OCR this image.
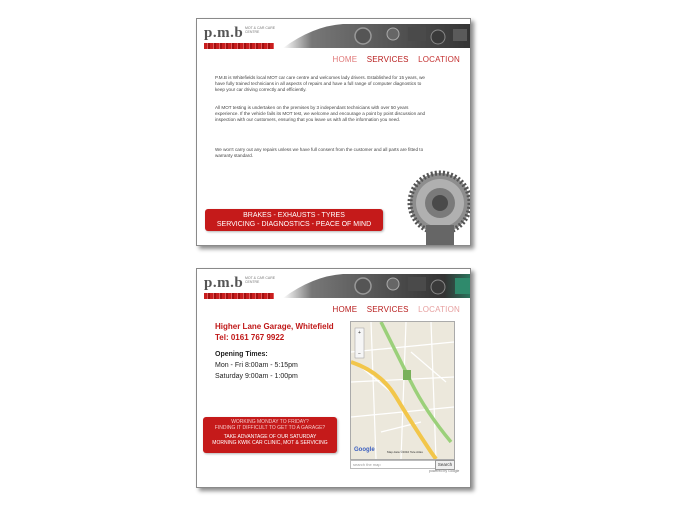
p.m.b MOT & CAR CARE CENTRE
HOME SERVICES LOCATION
P.M.B is Whitefields local MOT car care centre and welcomes lady drivers. Established for 15 years, we have fully trained technicians in all aspects of repairs and have a full range of computer diagnostics to keep your car driving correctly and efficiently.
All MOT testing is undertaken on the premises by 3 independant technicians with over 50 years experience. If the vehicle fails its MOT test, we welcome and encourage a point by point discussion and inspection with our customers, ensuring that you leave us with all the information you need.
We won't carry out any repairs unless we have full consent from the customer and all parts are fitted to warranty standard.
BRAKES - EXHAUSTS - TYRES
SERVICING - DIAGNOSTICS - PEACE OF MIND
p.m.b MOT & CAR CARE CENTRE
HOME SERVICES LOCATION
Higher Lane Garage, Whitefield
Tel: 0161 767 9922
Opening Times:
Mon - Fri 8:00am - 5:15pm
Saturday 9:00am - 1:00pm
WORKING MONDAY TO FRIDAY?
FINDING IT DIFFICULT TO GET TO A GARAGE?
TAKE ADVANTAGE OF OUR SATURDAY
MORNING KWIK CAR CLINIC, MOT & SERVICING
+
−
Google	Map data ©2010 Tele Atlas
search the map	Search
powered by Google
